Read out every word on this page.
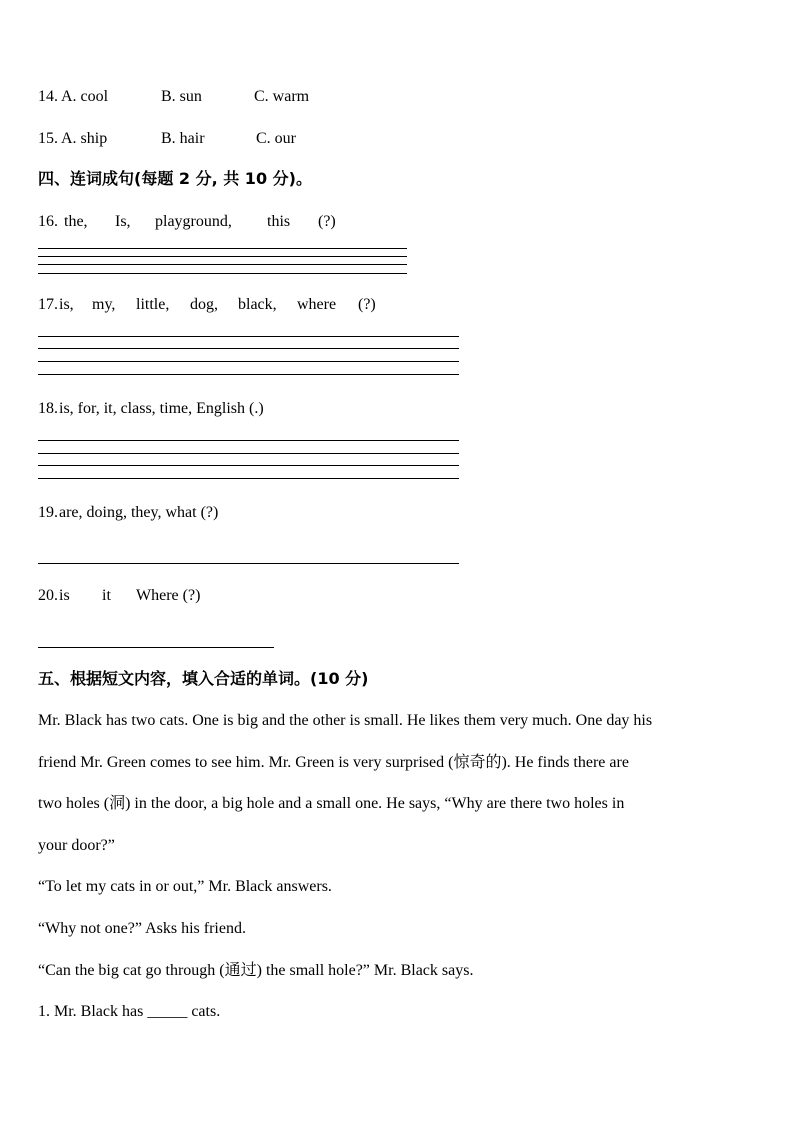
14. A. cool	B. sun	C. warm
15. A. ship	B. hair	C. our
四、连词成句(每题 2 分, 共 10 分)。
16. the, Is, playground, this (?)
17. is, my, little, dog, black, where (?)
18. is, for, it, class, time, English (.)
19. are, doing, they, what (?)
20. is it Where (?)
五、根据短文内容，填入合适的单词。(10 分)
Mr. Black has two cats. One is big and the other is small. He likes them very much. One day his
friend Mr. Green comes to see him. Mr. Green is very surprised (惊奇的). He finds there are
two holes (洞) in the door, a big hole and a small one. He says, “Why are there two holes in
your door?”
“To let my cats in or out,” Mr. Black answers.
“Why not one?” Asks his friend.
“Can the big cat go through (通过) the small hole?” Mr. Black says.
1. Mr. Black has _____ cats.
